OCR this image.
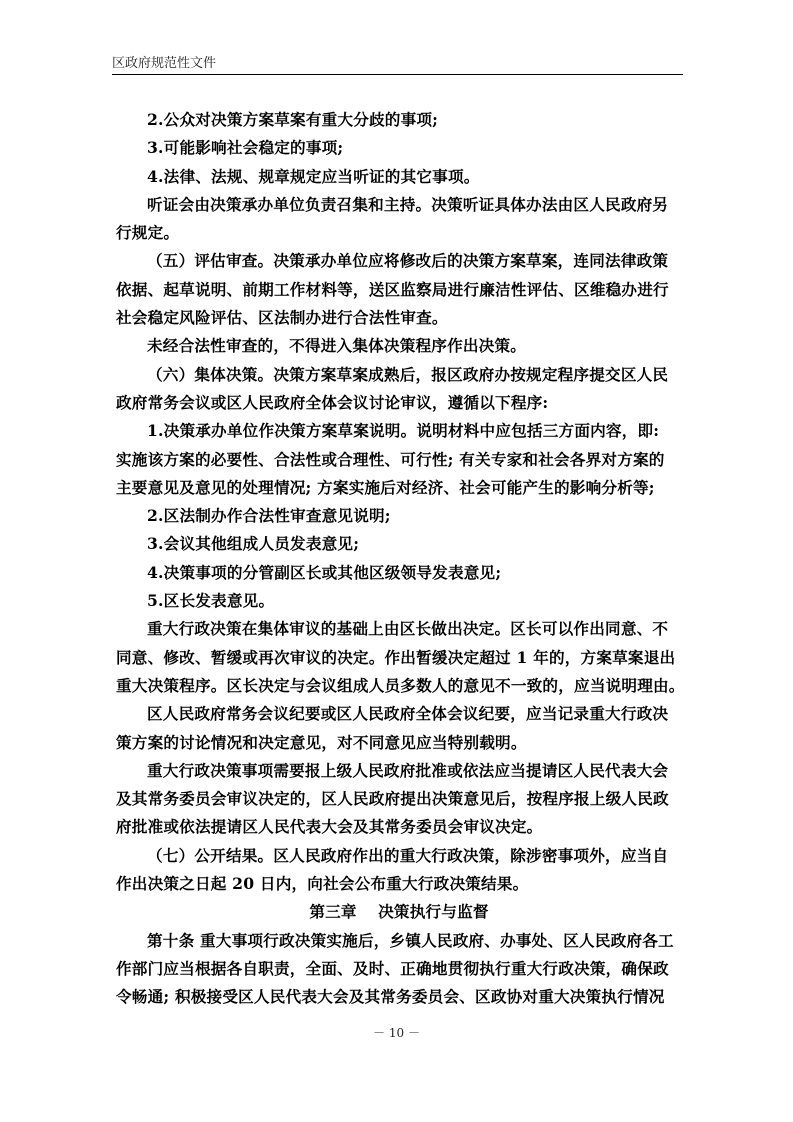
区政府规范性文件

2.公众对决策方案草案有重大分歧的事项;

3.可能影响社会稳定的事项;

4.法律、法规、规章规定应当听证的其它事项。

听证会由决策承办单位负责召集和主持。决策听证具体办法由区人民政府另

行规定。

（五）评估审查。决策承办单位应将修改后的决策方案草案，连同法律政策

依据、起草说明、前期工作材料等，送区监察局进行廉洁性评估、区维稳办进行

社会稳定风险评估、区法制办进行合法性审查。

未经合法性审查的，不得进入集体决策程序作出决策。

（六）集体决策。决策方案草案成熟后，报区政府办按规定程序提交区人民

政府常务会议或区人民政府全体会议讨论审议，遵循以下程序:

1.决策承办单位作决策方案草案说明。说明材料中应包括三方面内容，即:

实施该方案的必要性、合法性或合理性、可行性; 有关专家和社会各界对方案的

主要意见及意见的处理情况; 方案实施后对经济、社会可能产生的影响分析等;

2.区法制办作合法性审查意见说明;

3.会议其他组成人员发表意见;

4.决策事项的分管副区长或其他区级领导发表意见;

5.区长发表意见。

重大行政决策在集体审议的基础上由区长做出决定。区长可以作出同意、不

同意、修改、暂缓或再次审议的决定。作出暂缓决定超过 1 年的，方案草案退出

重大决策程序。区长决定与会议组成人员多数人的意见不一致的，应当说明理由。

区人民政府常务会议纪要或区人民政府全体会议纪要，应当记录重大行政决

策方案的讨论情况和决定意见，对不同意见应当特别载明。

重大行政决策事项需要报上级人民政府批准或依法应当提请区人民代表大会

及其常务委员会审议决定的，区人民政府提出决策意见后，按程序报上级人民政

府批准或依法提请区人民代表大会及其常务委员会审议决定。

（七）公开结果。区人民政府作出的重大行政决策，除涉密事项外，应当自

作出决策之日起 20 日内，向社会公布重大行政决策结果。

第三章　 决策执行与监督

第十条 重大事项行政决策实施后，乡镇人民政府、办事处、区人民政府各工

作部门应当根据各自职责，全面、及时、正确地贯彻执行重大行政决策，确保政

令畅通; 积极接受区人民代表大会及其常务委员会、区政协对重大决策执行情况

－ 10 －
